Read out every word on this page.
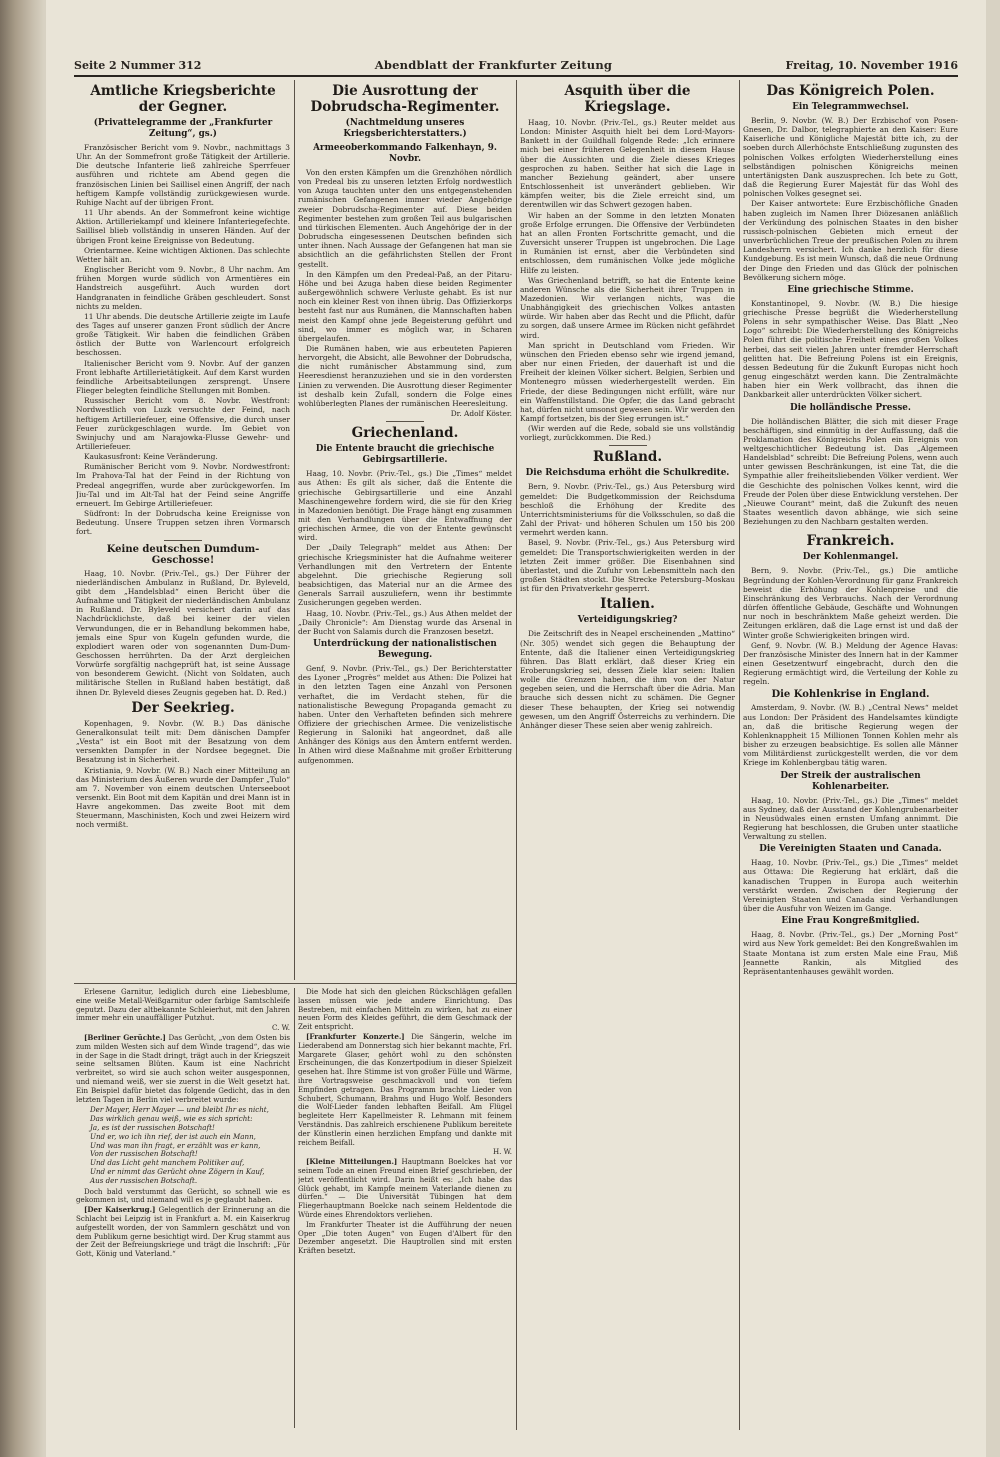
Seite 2 Nummer 312	Abendblatt der Frankfurter Zeitung	Freitag, 10. November 1916
Amtliche Kriegsberichte der Gegner.
(Privattelegramme der „Frankfurter Zeitung“, gs.)

Französischer Bericht vom 9. Novbr., nachmittags 3 Uhr. An der Sommefront große Tätigkeit der Artillerie. Die deutsche Infanterie ließ zahlreiche Sperrfeuer ausführen und richtete am Abend gegen die französischen Linien bei Saillisel einen Angriff, der nach heftigem Kampfe vollständig zurückgewiesen wurde. Ruhige Nacht auf der übrigen Front.

11 Uhr abends. An der Sommefront keine wichtige Aktion. Artilleriekampf und kleinere Infanteriegefechte. Saillisel blieb vollständig in unseren Händen. Auf der übrigen Front keine Ereignisse von Bedeutung.

Orientarmee. Keine wichtigen Aktionen. Das schlechte Wetter hält an.

Englischer Bericht vom 9. Novbr., 8 Uhr nachm. Am frühen Morgen wurde südlich von Armentières ein Handstreich ausgeführt. Auch wurden dort Handgranaten in feindliche Gräben geschleudert. Sonst nichts zu melden.

11 Uhr abends. Die deutsche Artillerie zeigte im Laufe des Tages auf unserer ganzen Front südlich der Ancre große Tätigkeit. Wir haben die feindlichen Gräben östlich der Butte von Warlencourt erfolgreich beschossen.

Italienischer Bericht vom 9. Novbr. Auf der ganzen Front lebhafte Artillerietätigkeit. Auf dem Karst wurden feindliche Arbeitsabteilungen zersprengt. Unsere Flieger belegten feindliche Stellungen mit Bomben.

Russischer Bericht vom 8. Novbr. Westfront: Nordwestlich von Luzk versuchte der Feind, nach heftigem Artilleriefeuer, eine Offensive, die durch unser Feuer zurückgeschlagen wurde. Im Gebiet von Swinjuchy und am Narajowka-Flusse Gewehr- und Artilleriefeuer.

Kaukasusfront: Keine Veränderung.

Rumänischer Bericht vom 9. Novbr. Nordwestfront: Im Prahova-Tal hat der Feind in der Richtung von Predeal angegriffen, wurde aber zurückgeworfen. Im Jiu-Tal und im Alt-Tal hat der Feind seine Angriffe erneuert. Im Gebirge Artilleriefeuer.

Südfront: In der Dobrudscha keine Ereignisse von Bedeutung. Unsere Truppen setzen ihren Vormarsch fort.

Keine deutschen Dumdum-Geschosse!

Haag, 10. Novbr. (Priv.-Tel., gs.) Der Führer der niederländischen Ambulanz in Rußland, Dr. Byleveld, gibt dem „Handelsblad“ einen Bericht über die Aufnahme und Tätigkeit der niederländischen Ambulanz in Rußland. Dr. Byleveld versichert darin auf das Nachdrücklichste, daß bei keiner der vielen Verwundungen, die er in Behandlung bekommen habe, jemals eine Spur von Kugeln gefunden wurde, die explodiert waren oder von sogenannten Dum-Dum-Geschossen herrührten. Da der Arzt dergleichen Vorwürfe sorgfältig nachgeprüft hat, ist seine Aussage von besonderem Gewicht. (Nicht von Soldaten, auch militärische Stellen in Rußland haben bestätigt, daß ihnen Dr. Byleveld dieses Zeugnis gegeben hat. D. Red.)

Der Seekrieg.

Kopenhagen, 9. Novbr. (W. B.) Das dänische Generalkonsulat teilt mit: Dem dänischen Dampfer „Vesta“ ist ein Boot mit der Besatzung von dem versenkten Dampfer in der Nordsee begegnet. Die Besatzung ist in Sicherheit.

Kristiania, 9. Novbr. (W. B.) Nach einer Mitteilung an das Ministerium des Äußeren wurde der Dampfer „Tulo“ am 7. November von einem deutschen Unterseeboot versenkt. Ein Boot mit dem Kapitän und drei Mann ist in Havre angekommen. Das zweite Boot mit dem Steuermann, Maschinisten, Koch und zwei Heizern wird noch vermißt.

Die Ausrottung der Dobrudscha-Regimenter.
(Nachtmeldung unseres Kriegsberichterstatters.)
Armeeoberkommando Falkenhayn, 9. Novbr.

Von den ersten Kämpfen um die Grenzhöhen nördlich von Predeal bis zu unseren letzten Erfolg nordwestlich von Azuga tauchten unter den uns entgegenstehenden rumänischen Gefangenen immer wieder Angehörige zweier Dobrudscha-Regimenter auf. Diese beiden Regimenter bestehen zum großen Teil aus bulgarischen und türkischen Elementen. Auch Angehörige der in der Dobrudscha eingesessenen Deutschen befinden sich unter ihnen. Nach Aussage der Gefangenen hat man sie absichtlich an die gefährlichsten Stellen der Front gestellt.

In den Kämpfen um den Predeal-Paß, an der Pitaru-Höhe und bei Azuga haben diese beiden Regimenter außergewöhnlich schwere Verluste gehabt. Es ist nur noch ein kleiner Rest von ihnen übrig. Das Offizierkorps besteht fast nur aus Rumänen, die Mannschaften haben meist den Kampf ohne jede Begeisterung geführt und sind, wo immer es möglich war, in Scharen übergelaufen.

Die Rumänen haben, wie aus erbeuteten Papieren hervorgeht, die Absicht, alle Bewohner der Dobrudscha, die nicht rumänischer Abstammung sind, zum Heeresdienst heranzuziehen und sie in den vordersten Linien zu verwenden. Die Ausrottung dieser Regimenter ist deshalb kein Zufall, sondern die Folge eines wohlüberlegten Planes der rumänischen Heeresleitung.

Dr. Adolf Köster.

Griechenland.
Die Entente braucht die griechische Gebirgsartillerie.

Haag, 10. Novbr. (Priv.-Tel., gs.) Die „Times“ meldet aus Athen: Es gilt als sicher, daß die Entente die griechische Gebirgsartillerie und eine Anzahl Maschinengewehre fordern wird, die sie für den Krieg in Mazedonien benötigt. Die Frage hängt eng zusammen mit den Verhandlungen über die Entwaffnung der griechischen Armee, die von der Entente gewünscht wird.

Der „Daily Telegraph“ meldet aus Athen: Der griechische Kriegsminister hat die Aufnahme weiterer Verhandlungen mit den Vertretern der Entente abgelehnt. Die griechische Regierung soll beabsichtigen, das Material nur an die Armee des Generals Sarrail auszuliefern, wenn ihr bestimmte Zusicherungen gegeben werden.

Haag, 10. Novbr. (Priv.-Tel., gs.) Aus Athen meldet der „Daily Chronicle“: Am Dienstag wurde das Arsenal in der Bucht von Salamis durch die Franzosen besetzt.

Unterdrückung der nationalistischen Bewegung.

Genf, 9. Novbr. (Priv.-Tel., gs.) Der Berichterstatter des Lyoner „Progrès“ meldet aus Athen: Die Polizei hat in den letzten Tagen eine Anzahl von Personen verhaftet, die im Verdacht stehen, für die nationalistische Bewegung Propaganda gemacht zu haben. Unter den Verhafteten befinden sich mehrere Offiziere der griechischen Armee. Die venizelistische Regierung in Saloniki hat angeordnet, daß alle Anhänger des Königs aus den Ämtern entfernt werden. In Athen wird diese Maßnahme mit großer Erbitterung aufgenommen.

Asquith über die Kriegslage.

Haag, 10. Novbr. (Priv.-Tel., gs.) Reuter meldet aus London: Minister Asquith hielt bei dem Lord-Mayors-Bankett in der Guildhall folgende Rede: „Ich erinnere mich bei einer früheren Gelegenheit in diesem Hause über die Aussichten und die Ziele dieses Krieges gesprochen zu haben. Seither hat sich die Lage in mancher Beziehung geändert, aber unsere Entschlossenheit ist unverändert geblieben. Wir kämpfen weiter, bis die Ziele erreicht sind, um derentwillen wir das Schwert gezogen haben.

Wir haben an der Somme in den letzten Monaten große Erfolge errungen. Die Offensive der Verbündeten hat an allen Fronten Fortschritte gemacht, und die Zuversicht unserer Truppen ist ungebrochen. Die Lage in Rumänien ist ernst, aber die Verbündeten sind entschlossen, dem rumänischen Volke jede mögliche Hilfe zu leisten.

Was Griechenland betrifft, so hat die Entente keine anderen Wünsche als die Sicherheit ihrer Truppen in Mazedonien. Wir verlangen nichts, was die Unabhängigkeit des griechischen Volkes antasten würde. Wir haben aber das Recht und die Pflicht, dafür zu sorgen, daß unsere Armee im Rücken nicht gefährdet wird.

Man spricht in Deutschland vom Frieden. Wir wünschen den Frieden ebenso sehr wie irgend jemand, aber nur einen Frieden, der dauerhaft ist und die Freiheit der kleinen Völker sichert. Belgien, Serbien und Montenegro müssen wiederhergestellt werden. Ein Friede, der diese Bedingungen nicht erfüllt, wäre nur ein Waffenstillstand. Die Opfer, die das Land gebracht hat, dürfen nicht umsonst gewesen sein. Wir werden den Kampf fortsetzen, bis der Sieg errungen ist.“

(Wir werden auf die Rede, sobald sie uns vollständig vorliegt, zurückkommen. Die Red.)

Rußland.
Die Reichsduma erhöht die Schulkredite.

Bern, 9. Novbr. (Priv.-Tel., gs.) Aus Petersburg wird gemeldet: Die Budgetkommission der Reichsduma beschloß die Erhöhung der Kredite des Unterrichtsministeriums für die Volksschulen, so daß die Zahl der Privat- und höheren Schulen um 150 bis 200 vermehrt werden kann.

Basel, 9. Novbr. (Priv.-Tel., gs.) Aus Petersburg wird gemeldet: Die Transportschwierigkeiten werden in der letzten Zeit immer größer. Die Eisenbahnen sind überlastet, und die Zufuhr von Lebensmitteln nach den großen Städten stockt. Die Strecke Petersburg–Moskau ist für den Privatverkehr gesperrt.

Italien.
Verteidigungskrieg?

Die Zeitschrift des in Neapel erscheinenden „Mattino“ (Nr. 305) wendet sich gegen die Behauptung der Entente, daß die Italiener einen Verteidigungskrieg führen. Das Blatt erklärt, daß dieser Krieg ein Eroberungskrieg sei, dessen Ziele klar seien: Italien wolle die Grenzen haben, die ihm von der Natur gegeben seien, und die Herrschaft über die Adria. Man brauche sich dessen nicht zu schämen. Die Gegner dieser These behaupten, der Krieg sei notwendig gewesen, um den Angriff Österreichs zu verhindern. Die Anhänger dieser These seien aber wenig zahlreich.

Das Königreich Polen.
Ein Telegrammwechsel.

Berlin, 9. Novbr. (W. B.) Der Erzbischof von Posen-Gnesen, Dr. Dalbor, telegraphierte an den Kaiser: Eure Kaiserliche und Königliche Majestät bitte ich, zu der soeben durch Allerhöchste Entschließung zugunsten des polnischen Volkes erfolgten Wiederherstellung eines selbständigen polnischen Königreichs meinen untertänigsten Dank auszusprechen. Ich bete zu Gott, daß die Regierung Eurer Majestät für das Wohl des polnischen Volkes gesegnet sei.

Der Kaiser antwortete: Eure Erzbischöfliche Gnaden haben zugleich im Namen Ihrer Diözesanen anläßlich der Verkündung des polnischen Staates in den bisher russisch-polnischen Gebieten mich erneut der unverbrüchlichen Treue der preußischen Polen zu ihrem Landesherrn versichert. Ich danke herzlich für diese Kundgebung. Es ist mein Wunsch, daß die neue Ordnung der Dinge den Frieden und das Glück der polnischen Bevölkerung sichern möge.

Eine griechische Stimme.

Konstantinopel, 9. Novbr. (W. B.) Die hiesige griechische Presse begrüßt die Wiederherstellung Polens in sehr sympathischer Weise. Das Blatt „Neo Logo“ schreibt: Die Wiederherstellung des Königreichs Polen führt die politische Freiheit eines großen Volkes herbei, das seit vielen Jahren unter fremder Herrschaft gelitten hat. Die Befreiung Polens ist ein Ereignis, dessen Bedeutung für die Zukunft Europas nicht hoch genug eingeschätzt werden kann. Die Zentralmächte haben hier ein Werk vollbracht, das ihnen die Dankbarkeit aller unterdrückten Völker sichert.

Die holländische Presse.

Die holländischen Blätter, die sich mit dieser Frage beschäftigen, sind einmütig in der Auffassung, daß die Proklamation des Königreichs Polen ein Ereignis von weltgeschichtlicher Bedeutung ist. Das „Algemeen Handelsblad“ schreibt: Die Befreiung Polens, wenn auch unter gewissen Beschränkungen, ist eine Tat, die die Sympathie aller freiheitsliebenden Völker verdient. Wer die Geschichte des polnischen Volkes kennt, wird die Freude der Polen über diese Entwicklung verstehen. Der „Nieuwe Courant“ meint, daß die Zukunft des neuen Staates wesentlich davon abhänge, wie sich seine Beziehungen zu den Nachbarn gestalten werden.

Frankreich.
Der Kohlenmangel.

Bern, 9. Novbr. (Priv.-Tel., gs.) Die amtliche Begründung der Kohlen-Verordnung für ganz Frankreich beweist die Erhöhung der Kohlenpreise und die Einschränkung des Verbrauchs. Nach der Verordnung dürfen öffentliche Gebäude, Geschäfte und Wohnungen nur noch in beschränktem Maße geheizt werden. Die Zeitungen erklären, daß die Lage ernst ist und daß der Winter große Schwierigkeiten bringen wird.

Genf, 9. Novbr. (W. B.) Meldung der Agence Havas: Der französische Minister des Innern hat in der Kammer einen Gesetzentwurf eingebracht, durch den die Regierung ermächtigt wird, die Verteilung der Kohle zu regeln.

Die Kohlenkrise in England.

Amsterdam, 9. Novbr. (W. B.) „Central News“ meldet aus London: Der Präsident des Handelsamtes kündigte an, daß die britische Regierung wegen der Kohlenknappheit 15 Millionen Tonnen Kohlen mehr als bisher zu erzeugen beabsichtige. Es sollen alle Männer vom Militärdienst zurückgestellt werden, die vor dem Kriege im Kohlenbergbau tätig waren.

Der Streik der australischen Kohlenarbeiter.

Haag, 10. Novbr. (Priv.-Tel., gs.) Die „Times“ meldet aus Sydney, daß der Ausstand der Kohlengrubenarbeiter in Neusüdwales einen ernsten Umfang annimmt. Die Regierung hat beschlossen, die Gruben unter staatliche Verwaltung zu stellen.

Die Vereinigten Staaten und Canada.

Haag, 10. Novbr. (Priv.-Tel., gs.) Die „Times“ meldet aus Ottawa: Die Regierung hat erklärt, daß die kanadischen Truppen in Europa auch weiterhin verstärkt werden. Zwischen der Regierung der Vereinigten Staaten und Canada sind Verhandlungen über die Ausfuhr von Weizen im Gange.

Eine Frau Kongreßmitglied.

Haag, 8. Novbr. (Priv.-Tel., gs.) Der „Morning Post“ wird aus New York gemeldet: Bei den Kongreßwahlen im Staate Montana ist zum ersten Male eine Frau, Miß Jeannette Rankin, als Mitglied des Repräsentantenhauses gewählt worden.

Erlesene Garnitur, lediglich durch eine Liebesblume, eine weiße Metall-Weißgarnitur oder farbige Samtschleife geputzt. Dazu der altbekannte Schleierhut, mit den Jahren immer mehr ein unauffälliger Putzhut.

C. W.

[Berliner Gerüchte.] Das Gerücht, „von dem Osten bis zum milden Westen sich auf dem Winde tragend“, das wie in der Sage in die Stadt dringt, trägt auch in der Kriegszeit seine seltsamen Blüten. Kaum ist eine Nachricht verbreitet, so wird sie auch schon weiter ausgesponnen, und niemand weiß, wer sie zuerst in die Welt gesetzt hat. Ein Beispiel dafür bietet das folgende Gedicht, das in den letzten Tagen in Berlin viel verbreitet wurde:

Der Mayer, Herr Mayer — und bleibt Ihr es nicht,
Das wirklich genau weiß, wie es sich spricht:
Ja, es ist der russischen Botschaft!
Und er, wo ich ihn rief, der ist auch ein Mann,
Und was man ihn fragt, er erzählt was er kann,
Von der russischen Botschaft!
Und das Licht geht manchem Politiker auf,
Und er nimmt das Gerücht ohne Zögern in Kauf,
Aus der russischen Botschaft.

Doch bald verstummt das Gerücht, so schnell wie es gekommen ist, und niemand will es je geglaubt haben.

[Der Kaiserkrug.] Gelegentlich der Erinnerung an die Schlacht bei Leipzig ist in Frankfurt a. M. ein Kaiserkrug aufgestellt worden, der von Sammlern geschätzt und von dem Publikum gerne besichtigt wird. Der Krug stammt aus der Zeit der Befreiungskriege und trägt die Inschrift: „Für Gott, König und Vaterland.“

Die Mode hat sich den gleichen Rückschlägen gefallen lassen müssen wie jede andere Einrichtung. Das Bestreben, mit einfachen Mitteln zu wirken, hat zu einer neuen Form des Kleides geführt, die dem Geschmack der Zeit entspricht.

[Frankfurter Konzerte.] Die Sängerin, welche im Liederabend am Donnerstag sich hier bekannt machte, Frl. Margarete Glaser, gehört wohl zu den schönsten Erscheinungen, die das Konzertpodium in dieser Spielzeit gesehen hat. Ihre Stimme ist von großer Fülle und Wärme, ihre Vortragsweise geschmackvoll und von tiefem Empfinden getragen. Das Programm brachte Lieder von Schubert, Schumann, Brahms und Hugo Wolf. Besonders die Wolf-Lieder fanden lebhaften Beifall. Am Flügel begleitete Herr Kapellmeister R. Lehmann mit feinem Verständnis. Das zahlreich erschienene Publikum bereitete der Künstlerin einen herzlichen Empfang und dankte mit reichem Beifall.

H. W.

[Kleine Mitteilungen.] Hauptmann Boelckes hat vor seinem Tode an einen Freund einen Brief geschrieben, der jetzt veröffentlicht wird. Darin heißt es: „Ich habe das Glück gehabt, im Kampfe meinem Vaterlande dienen zu dürfen.“ — Die Universität Tübingen hat dem Fliegerhauptmann Boelcke nach seinem Heldentode die Würde eines Ehrendoktors verliehen.

Im Frankfurter Theater ist die Aufführung der neuen Oper „Die toten Augen“ von Eugen d'Albert für den Dezember angesetzt. Die Hauptrollen sind mit ersten Kräften besetzt.
